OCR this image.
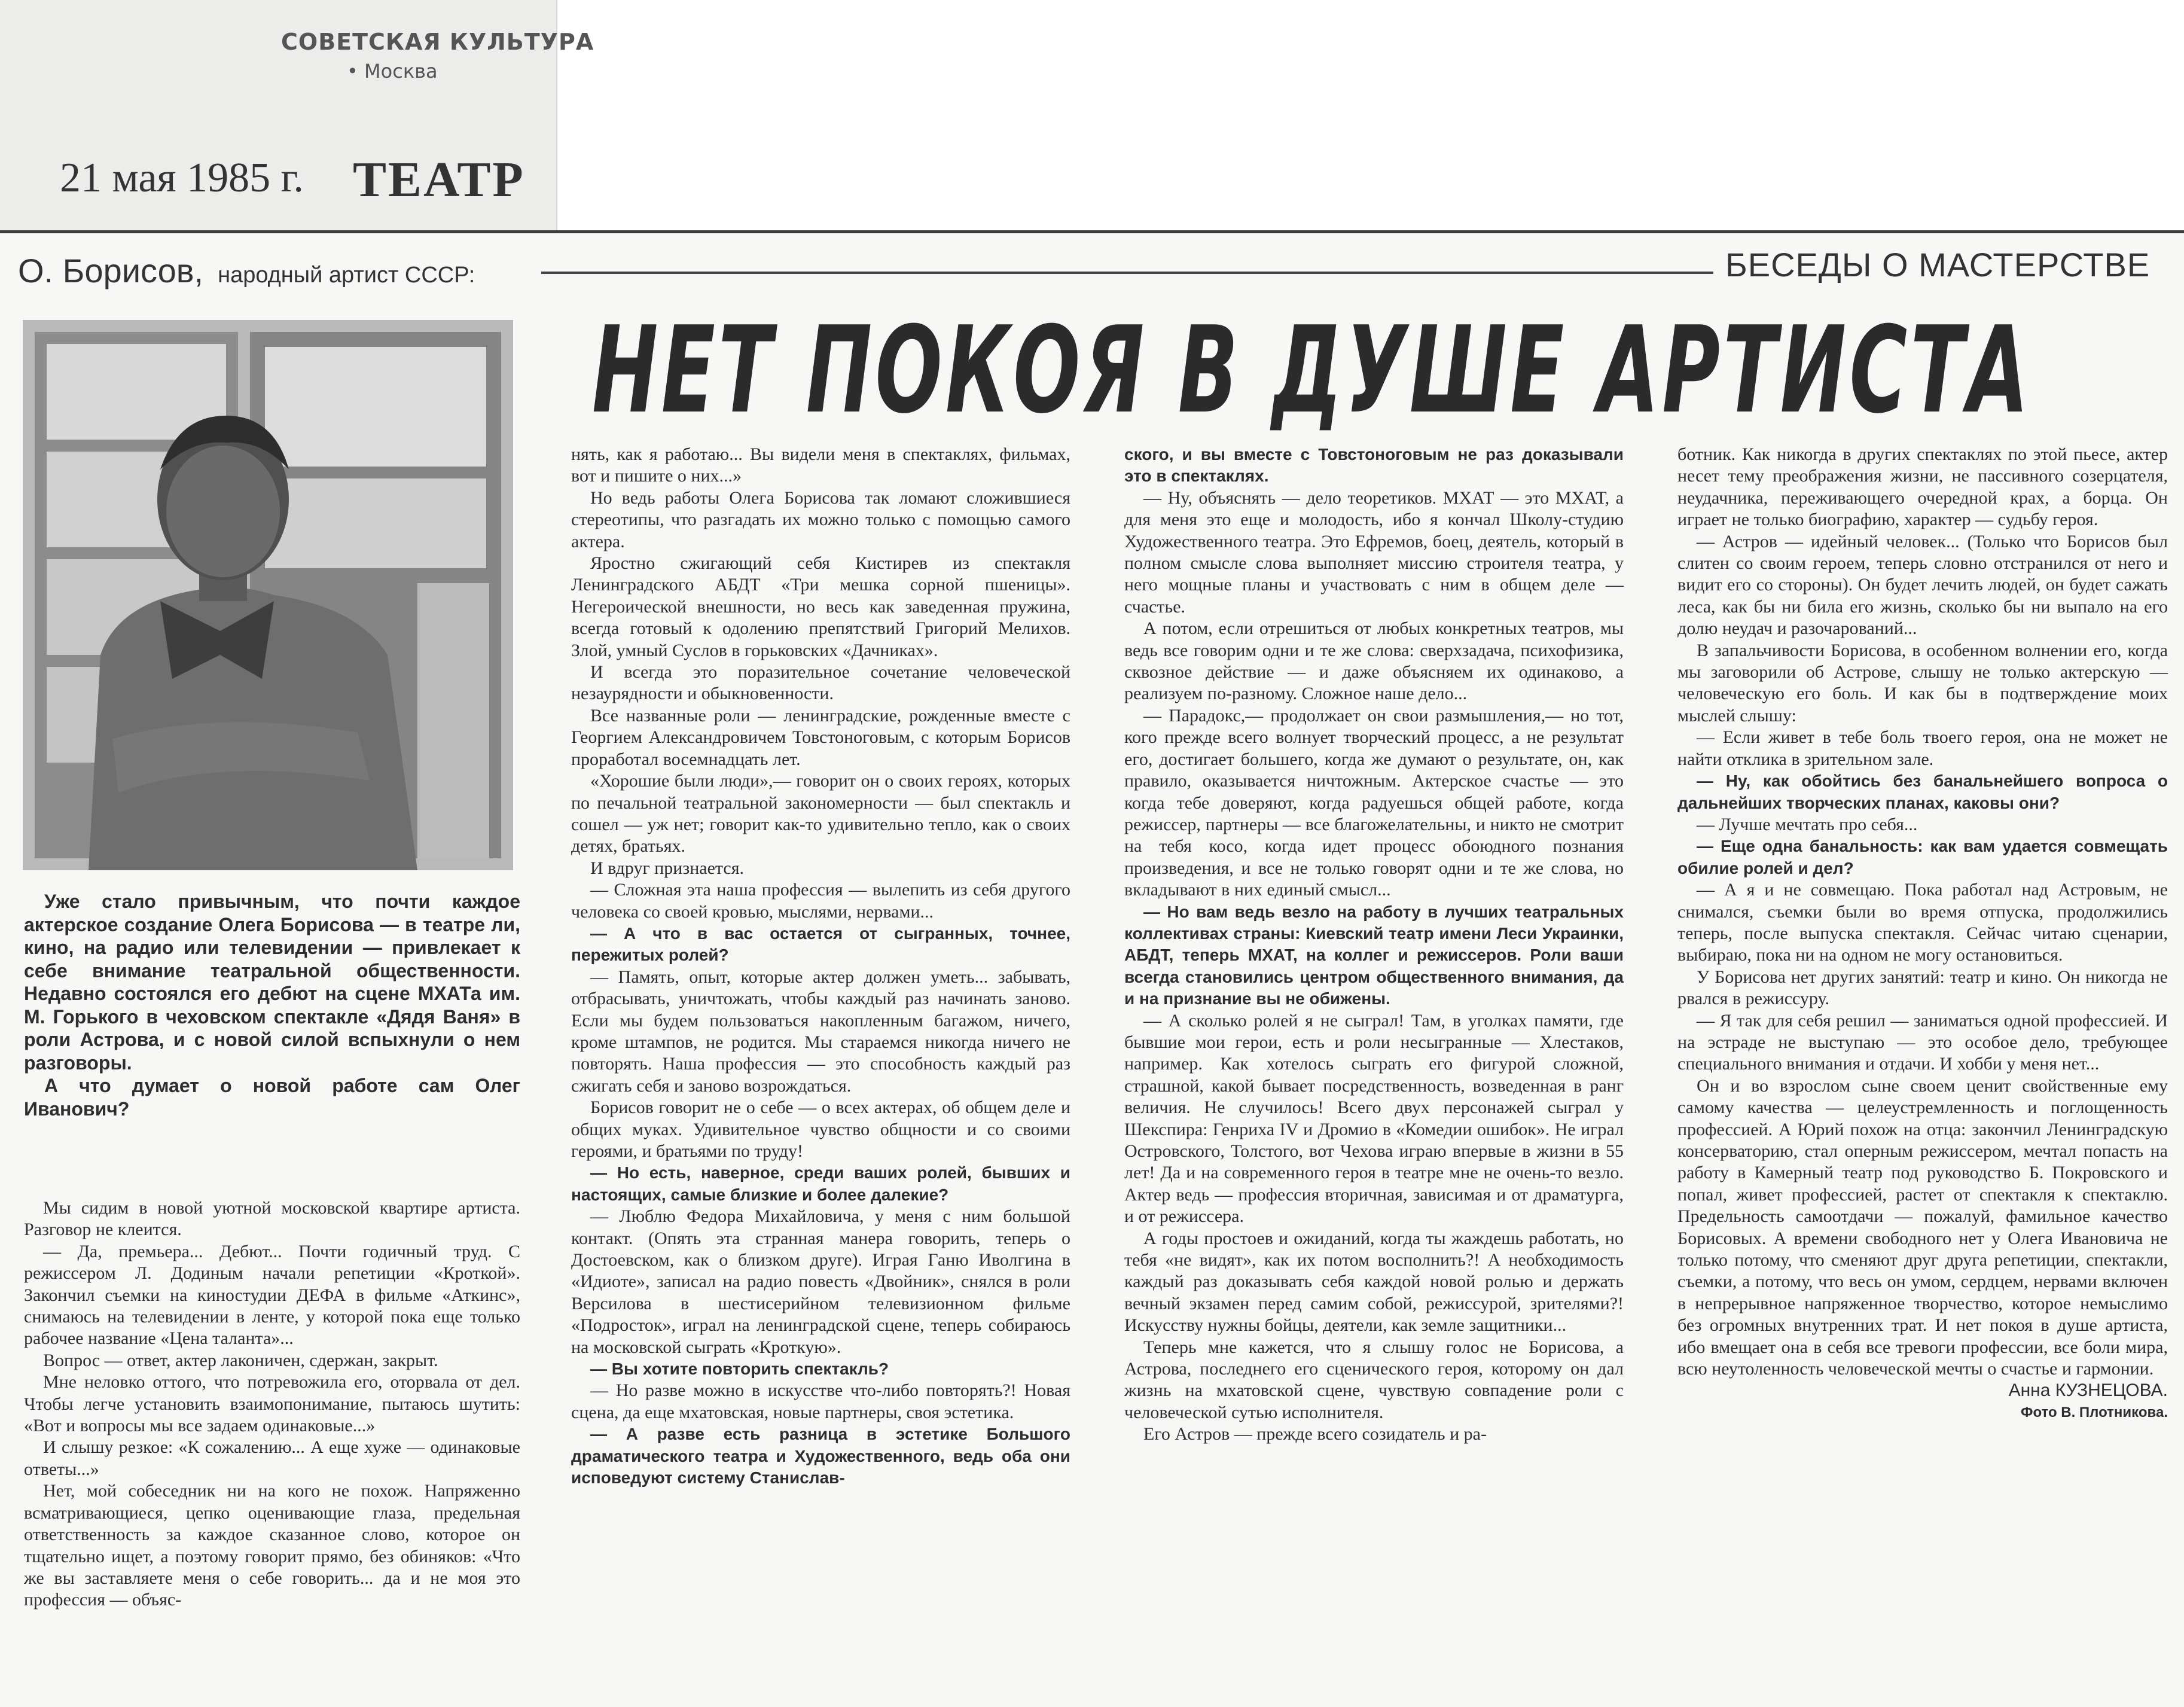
СОВЕТСКАЯ КУЛЬТУРА
• Москва
21 мая 1985 г. ТЕАТР
О. Борисов, народный артист СССР:	БЕСЕДЫ О МАСТЕРСТВЕ
НЕТ ПОКОЯ В ДУШЕ АРТИСТА

Уже стало привычным, что почти каждое актерское создание Олега Борисова — в театре ли, кино, на радио или телевидении — привлекает к себе внимание театральной общественности. Недавно состоялся его дебют на сцене МХАТа им. М. Горького в чеховском спектакле «Дядя Ваня» в роли Астрова, и с новой силой вспыхнули о нем разговоры.

А что думает о новой работе сам Олег Иванович?

Мы сидим в новой уютной московской квартире артиста. Разговор не клеится.

— Да, премьера... Дебют... Почти годичный труд. С режиссером Л. Додиным начали репетиции «Кроткой». Закончил съемки на киностудии ДЕФА в фильме «Аткинс», снимаюсь на телевидении в ленте, у которой пока еще только рабочее название «Цена таланта»...

Вопрос — ответ, актер лаконичен, сдержан, закрыт.

Мне неловко оттого, что потревожила его, оторвала от дел. Чтобы легче установить взаимопонимание, пытаюсь шутить: «Вот и вопросы мы все задаем одинаковые...»

И слышу резкое: «К сожалению... А еще хуже — одинаковые ответы...»

Нет, мой собеседник ни на кого не похож. Напряженно всматривающиеся, цепко оценивающие глаза, предельная ответственность за каждое сказанное слово, которое он тщательно ищет, а поэтому говорит прямо, без обиняков: «Что же вы заставляете меня о себе говорить... да и не моя это профессия — объяс-

нять, как я работаю... Вы видели меня в спектаклях, фильмах, вот и пишите о них...»

Но ведь работы Олега Борисова так ломают сложившиеся стереотипы, что разгадать их можно только с помощью самого актера.

Яростно сжигающий себя Кистирев из спектакля Ленинградского АБДТ «Три мешка сорной пшеницы». Негероической внешности, но весь как заведенная пружина, всегда готовый к одолению препятствий Григорий Мелихов. Злой, умный Суслов в горьковских «Дачниках».

И всегда это поразительное сочетание человеческой незаурядности и обыкновенности.

Все названные роли — ленинградские, рожденные вместе с Георгием Александровичем Товстоноговым, с которым Борисов проработал восемнадцать лет.

«Хорошие были люди»,— говорит он о своих героях, которых по печальной театральной закономерности — был спектакль и сошел — уж нет; говорит как-то удивительно тепло, как о своих детях, братьях.

И вдруг признается.

— Сложная эта наша профессия — вылепить из себя другого человека со своей кровью, мыслями, нервами...

— А что в вас остается от сыгранных, точнее, пережитых ролей?

— Память, опыт, которые актер должен уметь... забывать, отбрасывать, уничтожать, чтобы каждый раз начинать заново. Если мы будем пользоваться накопленным багажом, ничего, кроме штампов, не родится. Мы стараемся никогда ничего не повторять. Наша профессия — это способность каждый раз сжигать себя и заново возрождаться.

Борисов говорит не о себе — о всех актерах, об общем деле и общих муках. Удивительное чувство общности и со своими героями, и братьями по труду!

— Но есть, наверное, среди ваших ролей, бывших и настоящих, самые близкие и более далекие?

— Люблю Федора Михайловича, у меня с ним большой контакт. (Опять эта странная манера говорить, теперь о Достоевском, как о близком друге). Играя Ганю Иволгина в «Идиоте», записал на радио повесть «Двойник», снялся в роли Версилова в шестисерийном телевизионном фильме «Подросток», играл на ленинградской сцене, теперь собираюсь на московской сыграть «Кроткую».

— Вы хотите повторить спектакль?

— Но разве можно в искусстве что-либо повторять?! Новая сцена, да еще мхатовская, новые партнеры, своя эстетика.

— А разве есть разница в эстетике Большого драматического театра и Художественного, ведь оба они исповедуют систему Станислав-

ского, и вы вместе с Товстоноговым не раз доказывали это в спектаклях.

— Ну, объяснять — дело теоретиков. МХАТ — это МХАТ, а для меня это еще и молодость, ибо я кончал Школу-студию Художественного театра. Это Ефремов, боец, деятель, который в полном смысле слова выполняет миссию строителя театра, у него мощные планы и участвовать с ним в общем деле — счастье.

А потом, если отрешиться от любых конкретных театров, мы ведь все говорим одни и те же слова: сверхзадача, психофизика, сквозное действие — и даже объясняем их одинаково, а реализуем по-разному. Сложное наше дело...

— Парадокс,— продолжает он свои размышления,— но тот, кого прежде всего волнует творческий процесс, а не результат его, достигает большего, когда же думают о результате, он, как правило, оказывается ничтожным. Актерское счастье — это когда тебе доверяют, когда радуешься общей работе, когда режиссер, партнеры — все благожелательны, и никто не смотрит на тебя косо, когда идет процесс обоюдного познания произведения, и все не только говорят одни и те же слова, но вкладывают в них единый смысл...

— Но вам ведь везло на работу в лучших театральных коллективах страны: Киевский театр имени Леси Украинки, АБДТ, теперь МХАТ, на коллег и режиссеров. Роли ваши всегда становились центром общественного внимания, да и на признание вы не обижены.

— А сколько ролей я не сыграл! Там, в уголках памяти, где бывшие мои герои, есть и роли несыгранные — Хлестаков, например. Как хотелось сыграть его фигурой сложной, страшной, какой бывает посредственность, возведенная в ранг величия. Не случилось! Всего двух персонажей сыграл у Шекспира: Генриха IV и Дромио в «Комедии ошибок». Не играл Островского, Толстого, вот Чехова играю впервые в жизни в 55 лет! Да и на современного героя в театре мне не очень-то везло. Актер ведь — профессия вторичная, зависимая и от драматурга, и от режиссера.

А годы простоев и ожиданий, когда ты жаждешь работать, но тебя «не видят», как их потом восполнить?! А необходимость каждый раз доказывать себя каждой новой ролью и держать вечный экзамен перед самим собой, режиссурой, зрителями?! Искусству нужны бойцы, деятели, как земле защитники...

Теперь мне кажется, что я слышу голос не Борисова, а Астрова, последнего его сценического героя, которому он дал жизнь на мхатовской сцене, чувствую совпадение роли с человеческой сутью исполнителя.

Его Астров — прежде всего созидатель и ра-

ботник. Как никогда в других спектаклях по этой пьесе, актер несет тему преображения жизни, не пассивного созерцателя, неудачника, переживающего очередной крах, а борца. Он играет не только биографию, характер — судьбу героя.

— Астров — идейный человек... (Только что Борисов был слитен со своим героем, теперь словно отстранился от него и видит его со стороны). Он будет лечить людей, он будет сажать леса, как бы ни била его жизнь, сколько бы ни выпало на его долю неудач и разочарований...

В запальчивости Борисова, в особенном волнении его, когда мы заговорили об Астрове, слышу не только актерскую — человеческую его боль. И как бы в подтверждение моих мыслей слышу:

— Если живет в тебе боль твоего героя, она не может не найти отклика в зрительном зале.

— Ну, как обойтись без банальнейшего вопроса о дальнейших творческих планах, каковы они?

— Лучше мечтать про себя...

— Еще одна банальность: как вам удается совмещать обилие ролей и дел?

— А я и не совмещаю. Пока работал над Астровым, не снимался, съемки были во время отпуска, продолжились теперь, после выпуска спектакля. Сейчас читаю сценарии, выбираю, пока ни на одном не могу остановиться.

У Борисова нет других занятий: театр и кино. Он никогда не рвался в режиссуру.

— Я так для себя решил — заниматься одной профессией. И на эстраде не выступаю — это особое дело, требующее специального внимания и отдачи. И хобби у меня нет...

Он и во взрослом сыне своем ценит свойственные ему самому качества — целеустремленность и поглощенность профессией. А Юрий похож на отца: закончил Ленинградскую консерваторию, стал оперным режиссером, мечтал попасть на работу в Камерный театр под руководство Б. Покровского и попал, живет профессией, растет от спектакля к спектаклю. Предельность самоотдачи — пожалуй, фамильное качество Борисовых. А времени свободного нет у Олега Ивановича не только потому, что сменяют друг друга репетиции, спектакли, съемки, а потому, что весь он умом, сердцем, нервами включен в непрерывное напряженное творчество, которое немыслимо без огромных внутренних трат. И нет покоя в душе артиста, ибо вмещает она в себя все тревоги профессии, все боли мира, всю неутоленность человеческой мечты о счастье и гармонии.

Анна КУЗНЕЦОВА.

Фото В. Плотникова.
